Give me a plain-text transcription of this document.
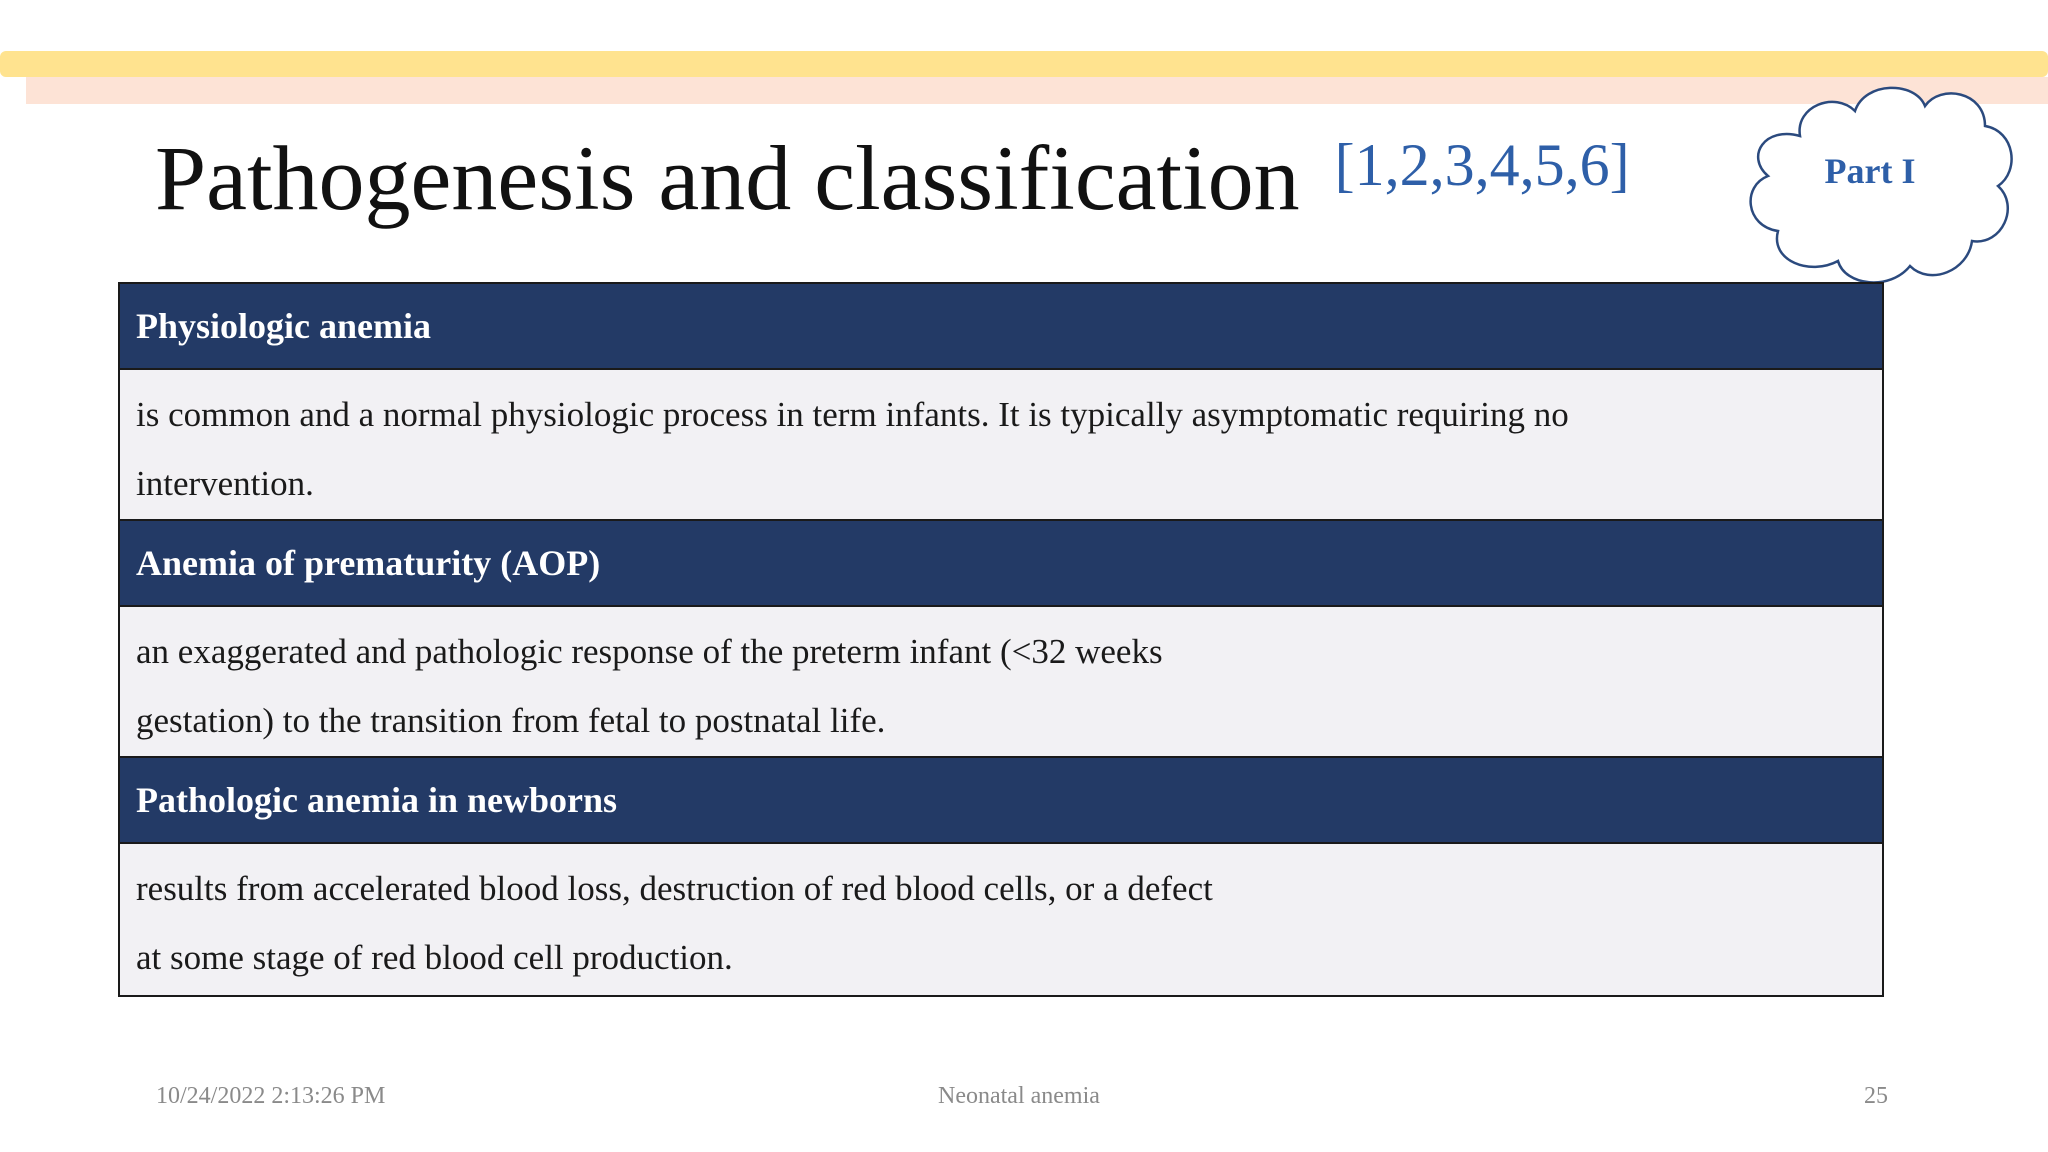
Pathogenesis and classification [1,2,3,4,5,6]	Part I
Physiologic anemia

is common and a normal physiologic process in term infants. It is typically asymptomatic requiring no

intervention.

Anemia of prematurity (AOP)

an exaggerated and pathologic response of the preterm infant (<32 weeks

gestation) to the transition from fetal to postnatal life.

Pathologic anemia in newborns

results from accelerated blood loss, destruction of red blood cells, or a defect

at some stage of red blood cell production.

10/24/2022 2:13:26 PM	Neonatal anemia	25
